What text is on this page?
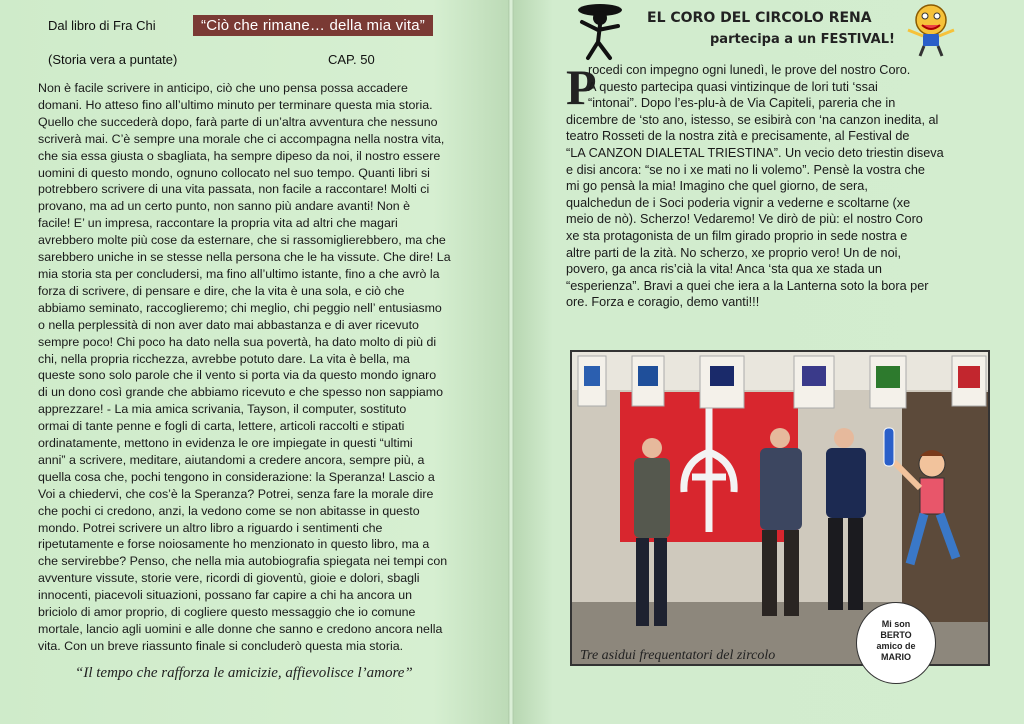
Dal libro di Fra Chi	“Ciò che rimane… della mia vita”
(Storia vera a puntate)	CAP. 50
Non è facile scrivere in anticipo, ciò che uno pensa possa accadere
domani. Ho atteso fino all’ultimo minuto per terminare questa mia storia.
Quello che succederà dopo, farà parte di un’altra avventura che nessuno
scriverà mai. C’è sempre una morale che ci accompagna nella nostra vita,
che sia essa giusta o sbagliata, ha sempre dipeso da noi, il nostro essere
uomini di questo mondo, ognuno collocato nel suo tempo. Quanti libri si
potrebbero scrivere di una vita passata, non facile a raccontare! Molti ci
provano, ma ad un certo punto, non sanno più andare avanti! Non è
facile! E’ un impresa, raccontare la propria vita ad altri che magari
avrebbero molte più cose da esternare, che si rassomiglierebbero, ma che
sarebbero uniche in se stesse nella persona che le ha vissute. Che dire! La
mia storia sta per concludersi, ma fino all’ultimo istante, fino a che avrò la
forza di scrivere, di pensare e dire, che la vita è una sola, e ciò che
abbiamo seminato, raccoglieremo; chi meglio, chi peggio nell’ entusiasmo
o nella perplessità di non aver dato mai abbastanza e di aver ricevuto
sempre poco! Chi poco ha dato nella sua povertà, ha dato molto di più di
chi, nella propria ricchezza, avrebbe potuto dare. La vita è bella, ma
queste sono solo parole che il vento si porta via da questo mondo ignaro
di un dono così grande che abbiamo ricevuto e che spesso non sappiamo
apprezzare! - La mia amica scrivania, Tayson, il computer, sostituto
ormai di tante penne e fogli di carta, lettere, articoli raccolti e stipati
ordinatamente, mettono in evidenza le ore impiegate in questi “ultimi
anni” a scrivere, meditare, aiutandomi a credere ancora, sempre più, a
quella cosa che, pochi tengono in considerazione: la Speranza! Lascio a
Voi a chiedervi, che cos’è la Speranza? Potrei, senza fare la morale dire
che pochi ci credono, anzi, la vedono come se non abitasse in questo
mondo. Potrei scrivere un altro libro a riguardo i sentimenti che
ripetutamente e forse noiosamente ho menzionato in questo libro, ma a
che servirebbe? Penso, che nella mia autobiografia spiegata nei tempi con
avventure vissute, storie vere, ricordi di gioventù, gioie e dolori, sbagli
innocenti, piacevoli situazioni, possano far capire a chi ha ancora un
briciolo di amor proprio, di cogliere questo messaggio che io comune
mortale, lancio agli uomini e alle donne che sanno e credono ancora nella
vita. Con un breve riassunto finale si concluderò questa mia storia.
“Il tempo che rafforza le amicizie, affievolisce l’amore”
EL CORO DEL CIRCOLO RENA
partecipa a un FESTIVAL!
P
rocedi con impegno ogni lunedì, le prove del nostro Coro.
A questo partecipa quasi vintizinque de lori tuti ‘ssai
“intonai”. Dopo l’es-plu-à de Via Capiteli, pareria che in
dicembre de ‘sto ano, istesso, se esibirà con ‘na canzon inedita, al
teatro Rosseti de la nostra zità e precisamente, al Festival de
“LA CANZON DIALETAL TRIESTINA”. Un vecio deto triestin diseva
e disi ancora: “se no i xe mati no li volemo”. Pensè la vostra che
mi go pensà la mia! Imagino che quel giorno, de sera,
qualchedun de i Soci poderia vignir a vederne e scoltarne (xe
meio de nò). Scherzo! Vedaremo! Ve dirò de più: el nostro Coro
xe sta protagonista de un film girado proprio in sede nostra e
altre parti de la zità. No scherzo, xe proprio vero! Un de noi,
povero, ga anca ris’cià la vita! Anca ‘sta qua xe stada un
“esperienza”. Bravi a quei che iera a la Lanterna soto la bora per
ore. Forza e coragio, demo vanti!!!
Tre asidui frequentatori del zircolo
Mi son
BERTO
amico de
MARIO
